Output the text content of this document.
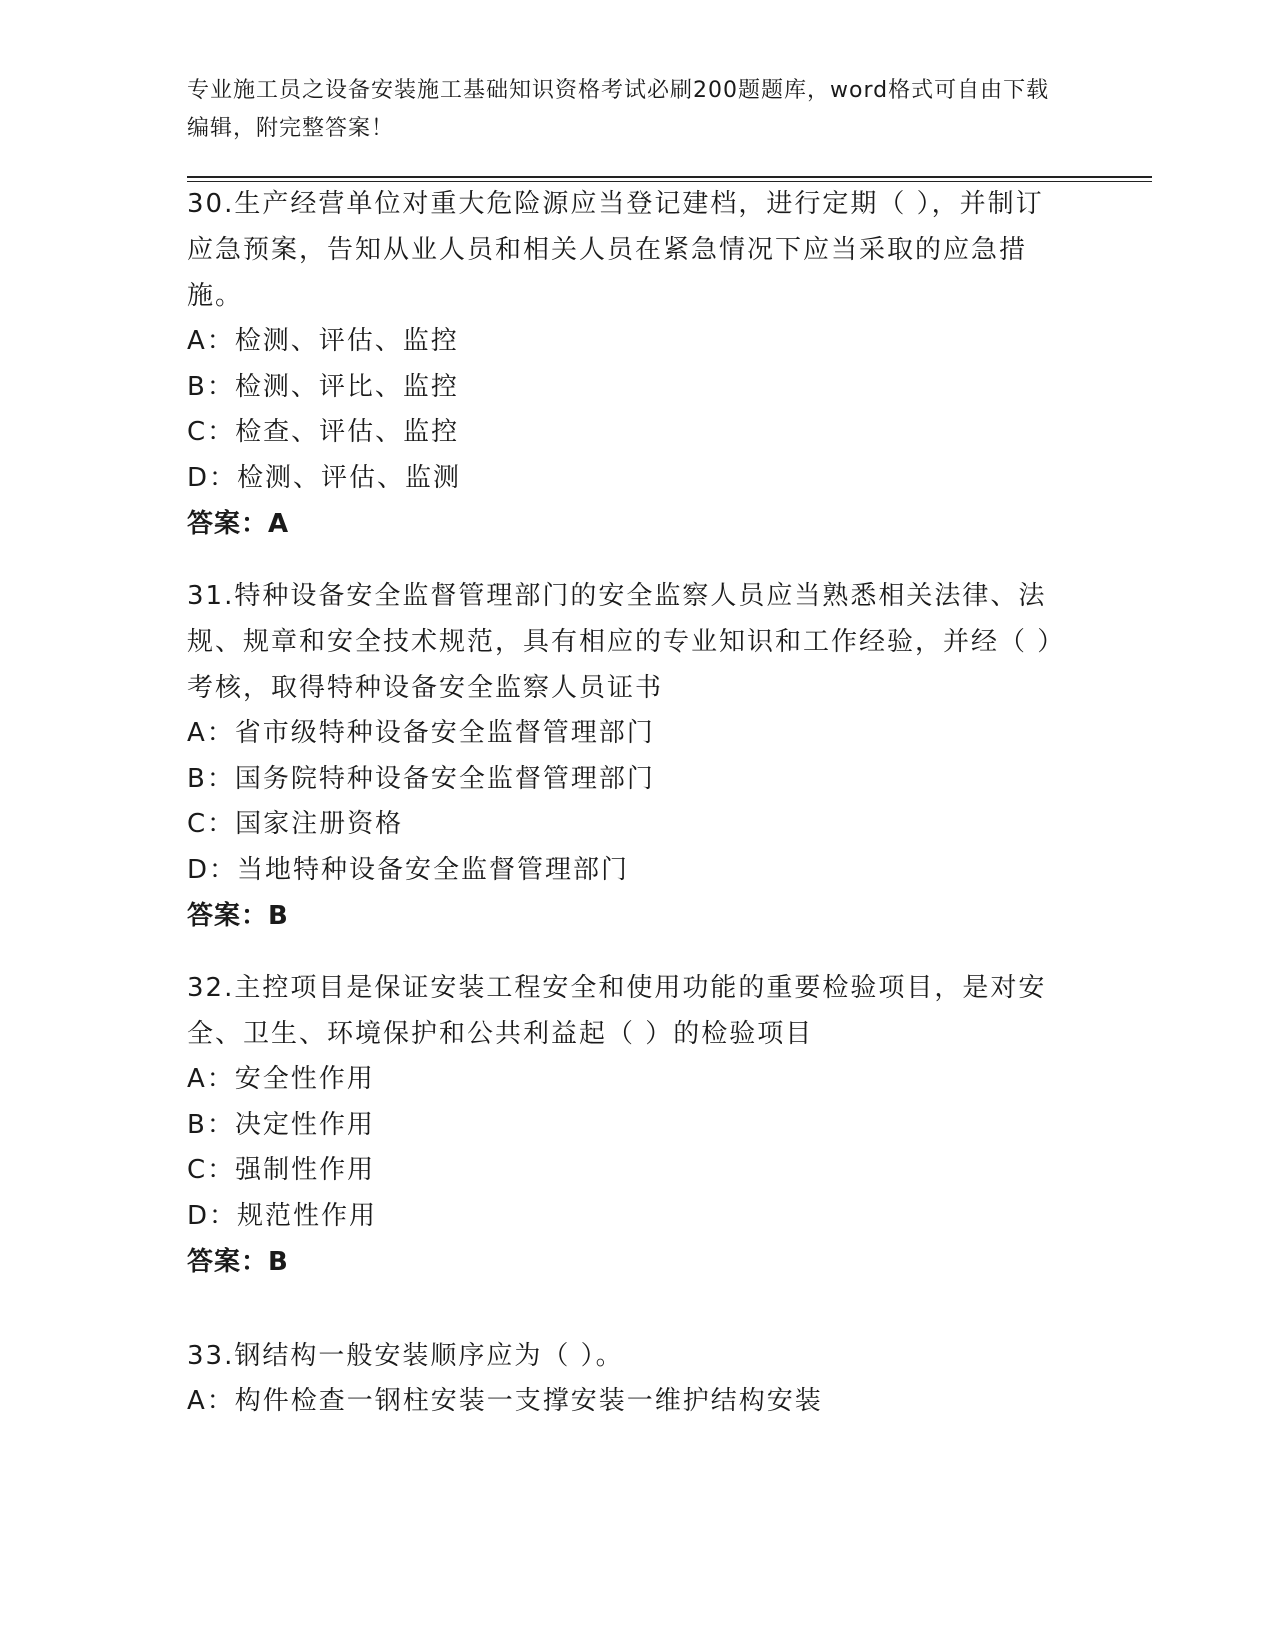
专业施工员之设备安装施工基础知识资格考试必刷200题题库，word格式可自由下载编辑，附完整答案！

30.生产经营单位对重大危险源应当登记建档，进行定期（ ），并制订应急预案，告知从业人员和相关人员在紧急情况下应当采取的应急措施。

A：检测、评估、监控

B：检测、评比、监控

C：检查、评估、监控

D：检测、评估、监测

答案：A

31.特种设备安全监督管理部门的安全监察人员应当熟悉相关法律、法规、规章和安全技术规范，具有相应的专业知识和工作经验，并经（ ）考核，取得特种设备安全监察人员证书

A：省市级特种设备安全监督管理部门

B：国务院特种设备安全监督管理部门

C：国家注册资格

D：当地特种设备安全监督管理部门

答案：B

32.主控项目是保证安装工程安全和使用功能的重要检验项目，是对安全、卫生、环境保护和公共利益起（ ）的检验项目

A：安全性作用

B：决定性作用

C：强制性作用

D：规范性作用

答案：B

33.钢结构一般安装顺序应为（ ）。

A：构件检查一钢柱安装一支撑安装一维护结构安装
